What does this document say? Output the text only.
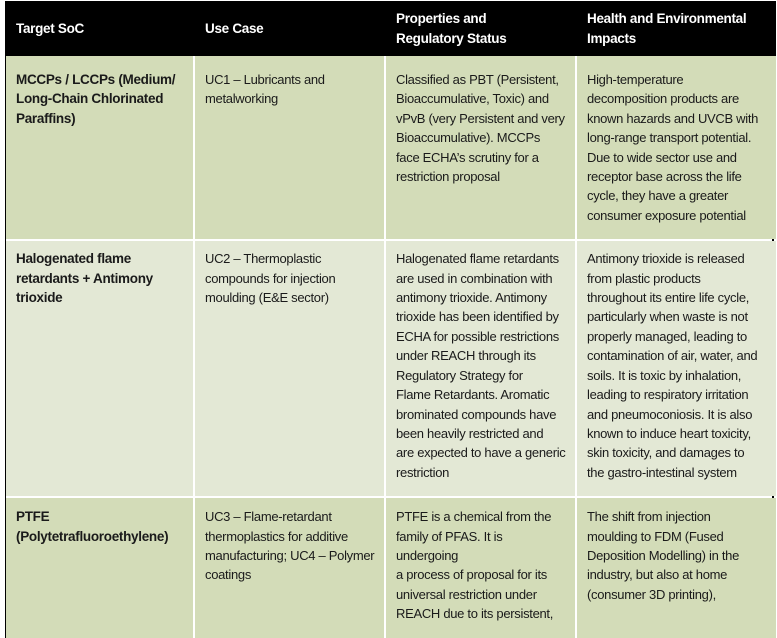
Target SoC	Use Case
Properties and
Regulatory Status
Health and Environmental
Impacts
MCCPs / LCCPs (Medium/
Long-Chain Chlorinated
Paraffins)
UC1 – Lubricants and
metalworking
Classified as PBT (Persistent,
Bioaccumulative, Toxic) and
vPvB (very Persistent and very
Bioaccumulative). MCCPs
face ECHA’s scrutiny for a
restriction proposal
High-temperature
decomposition products are
known hazards and UVCB with
long-range transport potential.
Due to wide sector use and
receptor base across the life
cycle, they have a greater
consumer exposure potential
Halogenated flame
retardants + Antimony
trioxide
UC2 – Thermoplastic
compounds for injection
moulding (E&E sector)
Halogenated flame retardants
are used in combination with
antimony trioxide. Antimony
trioxide has been identified by
ECHA for possible restrictions
under REACH through its
Regulatory Strategy for
Flame Retardants. Aromatic
brominated compounds have
been heavily restricted and
are expected to have a generic
restriction
Antimony trioxide is released
from plastic products
throughout its entire life cycle,
particularly when waste is not
properly managed, leading to
contamination of air, water, and
soils. It is toxic by inhalation,
leading to respiratory irritation
and pneumoconiosis. It is also
known to induce heart toxicity,
skin toxicity, and damages to
the gastro-intestinal system
PTFE
(Polytetrafluoroethylene)
UC3 – Flame-retardant
thermoplastics for additive
manufacturing; UC4 – Polymer
coatings
PTFE is a chemical from the
family of PFAS. It is undergoing
a process of proposal for its
universal restriction under
REACH due to its persistent,
The shift from injection
moulding to FDM (Fused
Deposition Modelling) in the
industry, but also at home
(consumer 3D printing),
